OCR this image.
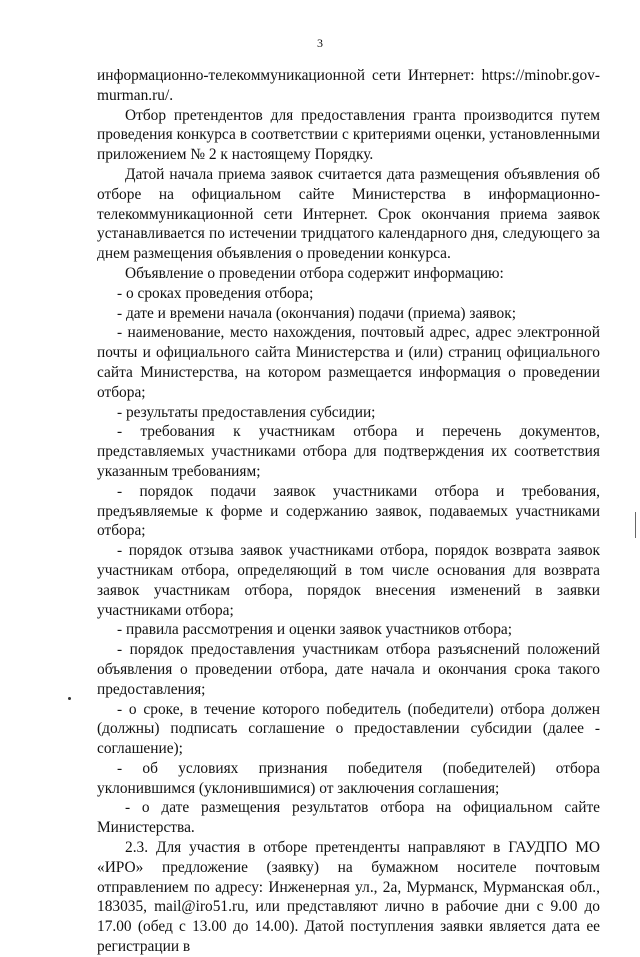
3

информационно-телекоммуникационной сети Интернет: https://minobr.gov-murman.ru/.

Отбор претендентов для предоставления гранта производится путем проведения конкурса в соответствии с критериями оценки, установленными приложением № 2 к настоящему Порядку.

Датой начала приема заявок считается дата размещения объявления об отборе на официальном сайте Министерства в информационно-телекоммуникационной сети Интернет. Срок окончания приема заявок устанавливается по истечении тридцатого календарного дня, следующего за днем размещения объявления о проведении конкурса.

Объявление о проведении отбора содержит информацию:

- о сроках проведения отбора;

- дате и времени начала (окончания) подачи (приема) заявок;

- наименование, место нахождения, почтовый адрес, адрес электронной почты и официального сайта Министерства и (или) страниц официального сайта Министерства, на котором размещается информация о проведении отбора;

- результаты предоставления субсидии;

- требования к участникам отбора и перечень документов, представляемых участниками отбора для подтверждения их соответствия указанным требованиям;

- порядок подачи заявок участниками отбора и требования, предъявляемые к форме и содержанию заявок, подаваемых участниками отбора;

- порядок отзыва заявок участниками отбора, порядок возврата заявок участникам отбора, определяющий в том числе основания для возврата заявок участникам отбора, порядок внесения изменений в заявки участниками отбора;

- правила рассмотрения и оценки заявок участников отбора;

- порядок предоставления участникам отбора разъяснений положений объявления о проведении отбора, дате начала и окончания срока такого предоставления;

- о сроке, в течение которого победитель (победители) отбора должен (должны) подписать соглашение о предоставлении субсидии (далее - соглашение);

- об условиях признания победителя (победителей) отбора уклонившимся (уклонившимися) от заключения соглашения;

- о дате размещения результатов отбора на официальном сайте Министерства.

2.3. Для участия в отборе претенденты направляют в ГАУДПО МО «ИРО» предложение (заявку) на бумажном носителе почтовым отправлением по адресу: Инженерная ул., 2а, Мурманск, Мурманская обл., 183035, mail@iro51.ru, или представляют лично в рабочие дни с 9.00 до 17.00 (обед с 13.00 до 14.00). Датой поступления заявки является дата ее регистрации в
